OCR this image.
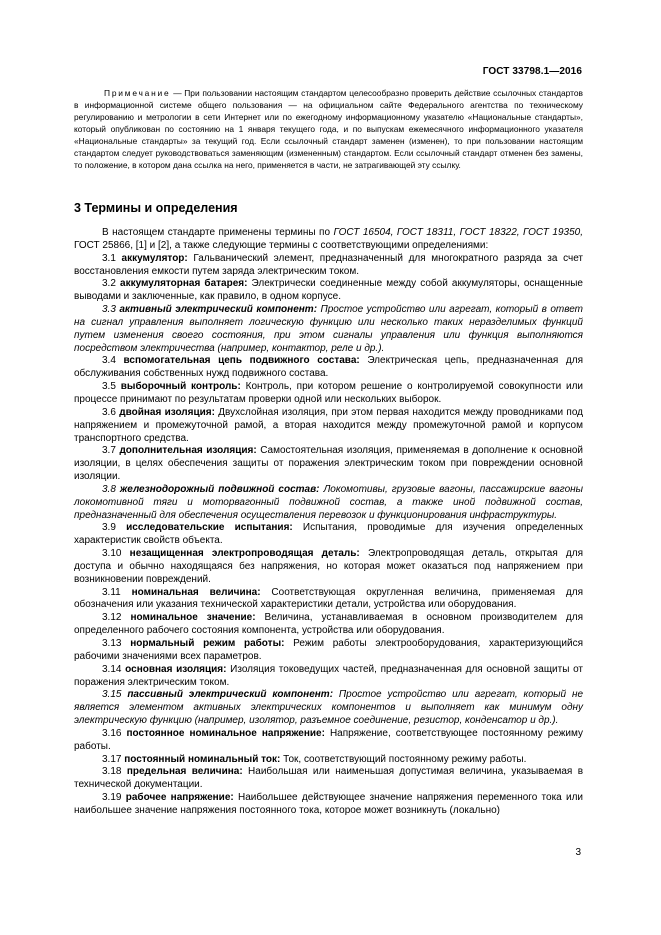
ГОСТ 33798.1—2016

Примечание — При пользовании настоящим стандартом целесообразно проверить действие ссылочных стандартов в информационной системе общего пользования — на официальном сайте Федерального агентства по техническому регулированию и метрологии в сети Интернет или по ежегодному информационному указателю «Национальные стандарты», который опубликован по состоянию на 1 января текущего года, и по выпускам ежемесячного информационного указателя «Национальные стандарты» за текущий год. Если ссылочный стандарт заменен (изменен), то при пользовании настоящим стандартом следует руководствоваться заменяющим (измененным) стандартом. Если ссылочный стандарт отменен без замены, то положение, в котором дана ссылка на него, применяется в части, не затрагивающей эту ссылку.

3 Термины и определения

В настоящем стандарте применены термины по ГОСТ 16504, ГОСТ 18311, ГОСТ 18322, ГОСТ 19350, ГОСТ 25866, [1] и [2], а также следующие термины с соответствующими определениями:

3.1 аккумулятор: Гальванический элемент, предназначенный для многократного разряда за счет восстановления емкости путем заряда электрическим током.

3.2 аккумуляторная батарея: Электрически соединенные между собой аккумуляторы, оснащенные выводами и заключенные, как правило, в одном корпусе.

3.3 активный электрический компонент: Простое устройство или агрегат, который в ответ на сигнал управления выполняет логическую функцию или несколько таких неразделимых функций путем изменения своего состояния, при этом сигналы управления или функция выполняются посредством электричества (например, контактор, реле и др.).

3.4 вспомогательная цепь подвижного состава: Электрическая цепь, предназначенная для обслуживания собственных нужд подвижного состава.

3.5 выборочный контроль: Контроль, при котором решение о контролируемой совокупности или процессе принимают по результатам проверки одной или нескольких выборок.

3.6 двойная изоляция: Двухслойная изоляция, при этом первая находится между проводниками под напряжением и промежуточной рамой, а вторая находится между промежуточной рамой и корпусом транспортного средства.

3.7 дополнительная изоляция: Самостоятельная изоляция, применяемая в дополнение к основной изоляции, в целях обеспечения защиты от поражения электрическим током при повреждении основной изоляции.

3.8 железнодорожный подвижной состав: Локомотивы, грузовые вагоны, пассажирские вагоны локомотивной тяги и моторвагонный подвижной состав, а также иной подвижной состав, предназначенный для обеспечения осуществления перевозок и функционирования инфраструктуры.

3.9 исследовательские испытания: Испытания, проводимые для изучения определенных характеристик свойств объекта.

3.10 незащищенная электропроводящая деталь: Электропроводящая деталь, открытая для доступа и обычно находящаяся без напряжения, но которая может оказаться под напряжением при возникновении повреждений.

3.11 номинальная величина: Соответствующая округленная величина, применяемая для обозначения или указания технической характеристики детали, устройства или оборудования.

3.12 номинальное значение: Величина, устанавливаемая в основном производителем для определенного рабочего состояния компонента, устройства или оборудования.

3.13 нормальный режим работы: Режим работы электрооборудования, характеризующийся рабочими значениями всех параметров.

3.14 основная изоляция: Изоляция токоведущих частей, предназначенная для основной защиты от поражения электрическим током.

3.15 пассивный электрический компонент: Простое устройство или агрегат, который не является элементом активных электрических компонентов и выполняет как минимум одну электрическую функцию (например, изолятор, разъемное соединение, резистор, конденсатор и др.).

3.16 постоянное номинальное напряжение: Напряжение, соответствующее постоянному режиму работы.

3.17 постоянный номинальный ток: Ток, соответствующий постоянному режиму работы.

3.18 предельная величина: Наибольшая или наименьшая допустимая величина, указываемая в технической документации.

3.19 рабочее напряжение: Наибольшее действующее значение напряжения переменного тока или наибольшее значение напряжения постоянного тока, которое может возникнуть (локально)

3
